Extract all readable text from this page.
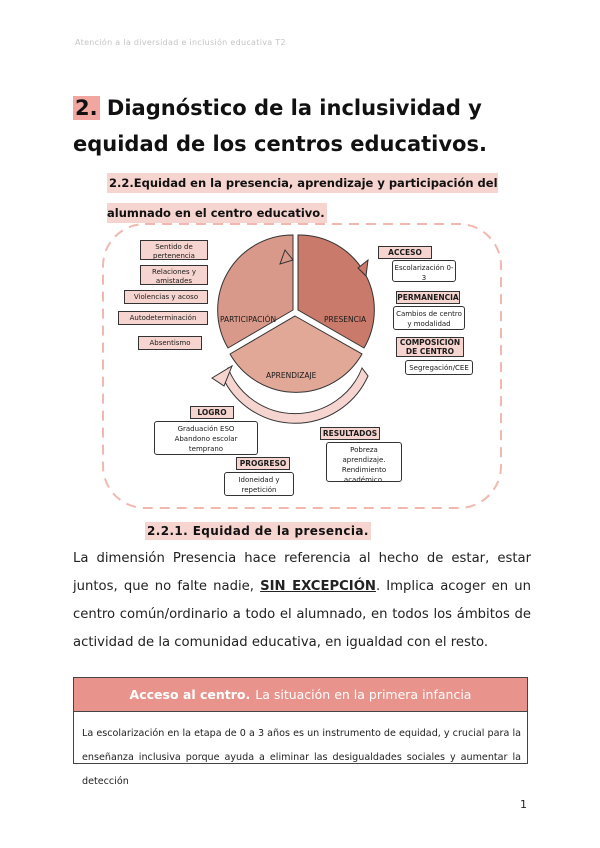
Atención a la diversidad e inclusión educativa T2
2. Diagnóstico de la inclusividad y equidad de los centros educativos.
2.2.Equidad en la presencia, aprendizaje y participación del alumnado en el centro educativo.
PARTICIPACIÓN	PRESENCIA
APRENDIZAJE
Sentido de pertenencia
Relaciones y amistades
Violencias y acoso
Autodeterminación
Absentismo
ACCESO
Escolarización 0-3
PERMANENCIA
Cambios de centro y modalidad
COMPOSICIÓN DE CENTRO
Segregación/CEE
LOGRO
Graduación ESO Abandono escolar temprano
PROGRESO
Idoneidad y repetición
RESULTADOS
Pobreza aprendizaje. Rendimiento académico.
2.2.1. Equidad de la presencia.
La dimensión Presencia hace referencia al hecho de estar, estar juntos, que no falte nadie, SIN EXCEPCIÓN. Implica acoger en un centro común/ordinario a todo el alumnado, en todos los ámbitos de actividad de la comunidad educativa, en igualdad con el resto.
Acceso al centro. La situación en la primera infancia
La escolarización en la etapa de 0 a 3 años es un instrumento de equidad, y crucial para la enseñanza inclusiva porque ayuda a eliminar las desigualdades sociales y aumentar la detección
1
